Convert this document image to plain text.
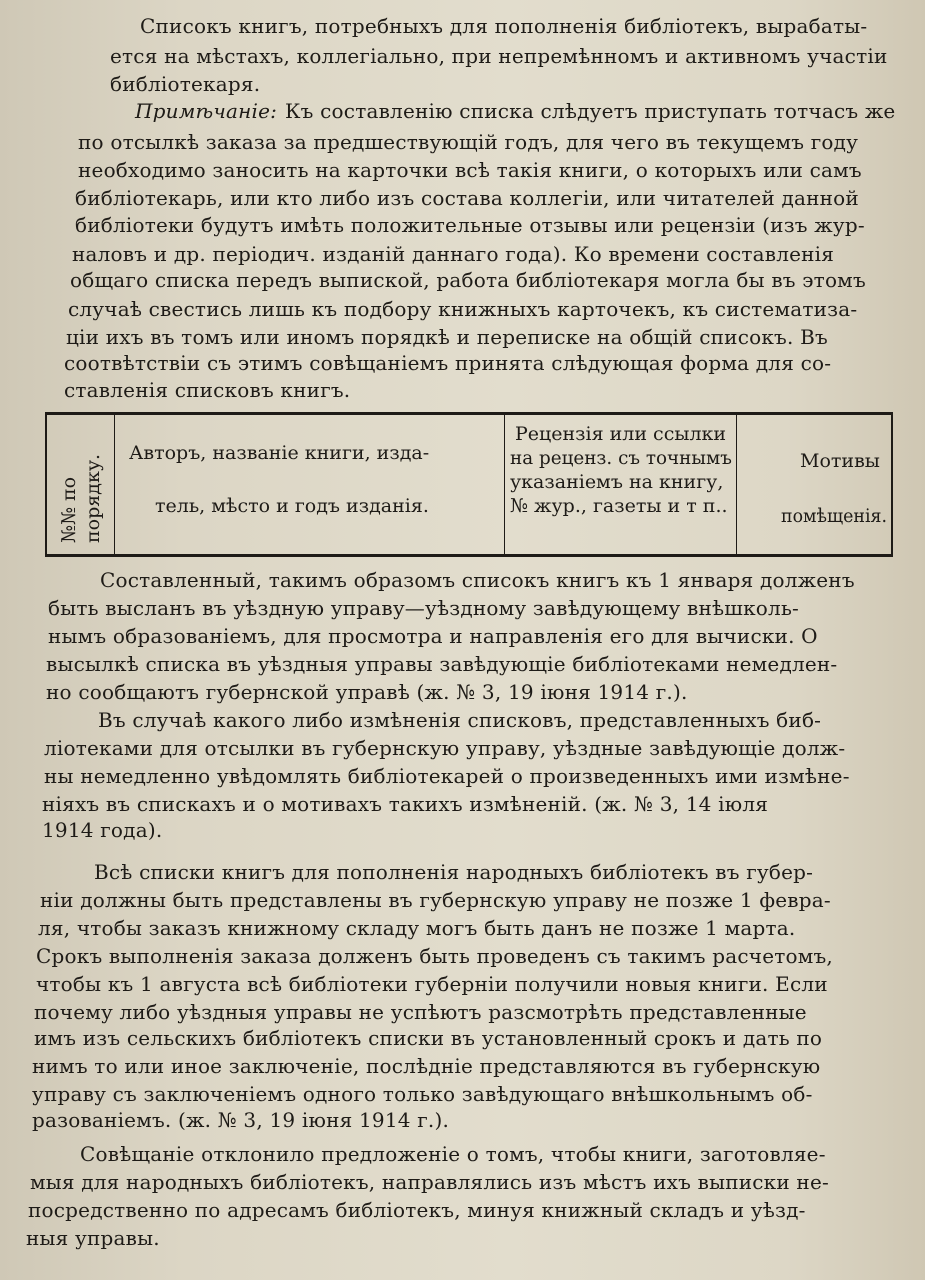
Списокъ книгъ, потребныхъ для пополненія библіотекъ, вырабаты-
ется на мѣстахъ, коллегіально, при непремѣнномъ и активномъ участіи
библіотекаря.
Примѣчаніе: Къ составленію списка слѣдуетъ приступать тотчасъ же
по отсылкѣ заказа за предшествующій годъ, для чего въ текущемъ году
необходимо заносить на карточки всѣ такія книги, о которыхъ или самъ
библіотекарь, или кто либо изъ состава коллегіи, или читателей данной
библіотеки будутъ имѣть положительные отзывы или рецензіи (изъ жур-
наловъ и др. періодич. изданій даннаго года). Ко времени составленія
общаго списка передъ выпиской, работа библіотекаря могла бы въ этомъ
случаѣ свестись лишь къ подбору книжныхъ карточекъ, къ систематиза-
ціи ихъ въ томъ или иномъ порядкѣ и переписке на общій списокъ. Въ
соотвѣтствіи съ этимъ совѣщаніемъ принята слѣдующая форма для со-
ставленія списковъ книгъ.
№№ по порядку.
Авторъ, названіе книги, изда-
тель, мѣсто и годъ изданія.
Рецензія или ссылки
на реценз. съ точнымъ
указаніемъ на книгу,
№ жур., газеты и т п..
Мотивы
помѣщенія.
Составленный, такимъ образомъ списокъ книгъ къ 1 января долженъ
быть высланъ въ уѣздную управу—уѣздному завѣдующему внѣшколь-
нымъ образованіемъ, для просмотра и направленія его для вычиски. О
высылкѣ списка въ уѣздныя управы завѣдующіе библіотеками немедлен-
но сообщаютъ губернской управѣ (ж. № 3, 19 іюня 1914 г.).
Въ случаѣ какого либо измѣненія списковъ, представленныхъ биб-
ліотеками для отсылки въ губернскую управу, уѣздные завѣдующіе долж-
ны немедленно увѣдомлять библіотекарей о произведенныхъ ими измѣне-
ніяхъ въ спискахъ и о мотивахъ такихъ измѣненій. (ж. № 3, 14 іюля
1914 года).
Всѣ списки книгъ для пополненія народныхъ библіотекъ въ губер-
ніи должны быть представлены въ губернскую управу не позже 1 февра-
ля, чтобы заказъ книжному складу могъ быть данъ не позже 1 марта.
Срокъ выполненія заказа долженъ быть проведенъ съ такимъ расчетомъ,
чтобы къ 1 августа всѣ библіотеки губерніи получили новыя книги. Если
почему либо уѣздныя управы не успѣютъ разсмотрѣть представленные
имъ изъ сельскихъ библіотекъ списки въ установленный срокъ и дать по
нимъ то или иное заключеніе, послѣдніе представляются въ губернскую
управу съ заключеніемъ одного только завѣдующаго внѣшкольнымъ об-
разованіемъ. (ж. № 3, 19 іюня 1914 г.).
Совѣщаніе отклонило предложеніе о томъ, чтобы книги, заготовляе-
мыя для народныхъ библіотекъ, направлялись изъ мѣстъ ихъ выписки не-
посредственно по адресамъ библіотекъ, минуя книжный складъ и уѣзд-
ныя управы.
